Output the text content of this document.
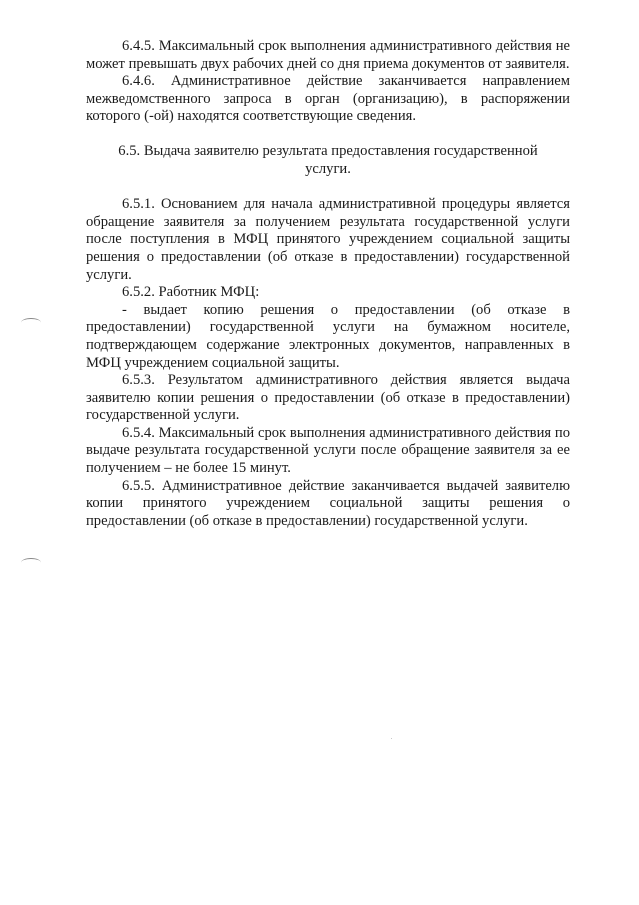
6.4.5. Максимальный срок выполнения административного действия не может превышать двух рабочих дней со дня приема документов от заявителя.

6.4.6. Административное действие заканчивается направлением межведомственного запроса в орган (организацию), в распоряжении которого (-ой) находятся соответствующие сведения.

6.5. Выдача заявителю результата предоставления государственной услуги.

6.5.1. Основанием для начала административной процедуры является обращение заявителя за получением результата государственной услуги после поступления в МФЦ принятого учреждением социальной защиты решения о предоставлении (об отказе в предоставлении) государственной услуги.

6.5.2. Работник МФЦ:

- выдает копию решения о предоставлении (об отказе в предоставлении) государственной услуги на бумажном носителе, подтверждающем содержание электронных документов, направленных в МФЦ учреждением социальной защиты.

6.5.3. Результатом административного действия является выдача заявителю копии решения о предоставлении (об отказе в предоставлении) государственной услуги.

6.5.4. Максимальный срок выполнения административного действия по выдаче результата государственной услуги после обращение заявителя за ее получением – не более 15 минут.

6.5.5. Административное действие заканчивается выдачей заявителю копии принятого учреждением социальной защиты решения о предоставлении (об отказе в предоставлении) государственной услуги.
